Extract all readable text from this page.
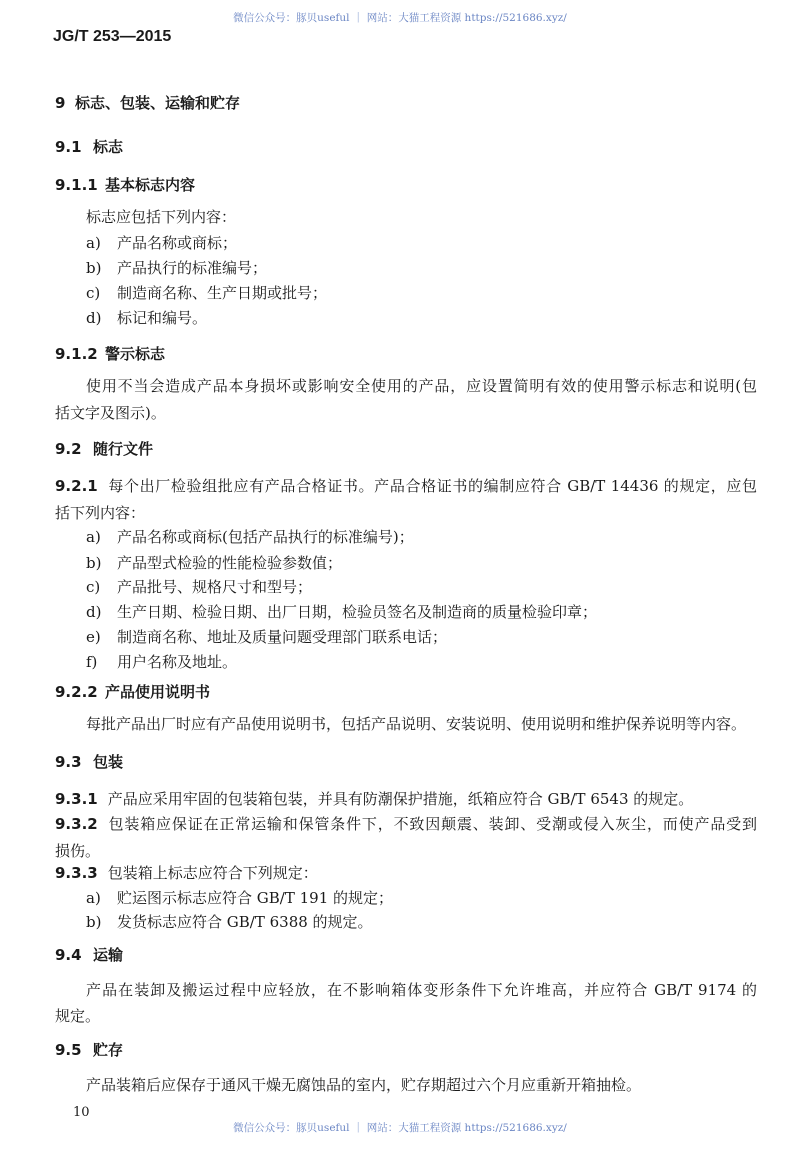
微信公众号：豚贝useful ｜ 网站：大猫工程资源 https://521686.xyz/
JG/T 253—2015
9 标志、包装、运输和贮存
9.1 标志
9.1.1 基本标志内容
标志应包括下列内容：
a) 产品名称或商标；
b) 产品执行的标准编号；
c) 制造商名称、生产日期或批号；
d) 标记和编号。
9.1.2 警示标志
使用不当会造成产品本身损坏或影响安全使用的产品，应设置简明有效的使用警示标志和说明(包
括文字及图示)。
9.2 随行文件
9.2.1 每个出厂检验组批应有产品合格证书。产品合格证书的编制应符合 GB/T 14436 的规定，应包
括下列内容：
a) 产品名称或商标(包括产品执行的标准编号)；
b) 产品型式检验的性能检验参数值；
c) 产品批号、规格尺寸和型号；
d) 生产日期、检验日期、出厂日期，检验员签名及制造商的质量检验印章；
e) 制造商名称、地址及质量问题受理部门联系电话；
f) 用户名称及地址。
9.2.2 产品使用说明书
每批产品出厂时应有产品使用说明书，包括产品说明、安装说明、使用说明和维护保养说明等内容。
9.3 包装
9.3.1 产品应采用牢固的包装箱包装，并具有防潮保护措施，纸箱应符合 GB/T 6543 的规定。
9.3.2 包装箱应保证在正常运输和保管条件下，不致因颠震、装卸、受潮或侵入灰尘，而使产品受到
损伤。
9.3.3 包装箱上标志应符合下列规定：
a) 贮运图示标志应符合 GB/T 191 的规定；
b) 发货标志应符合 GB/T 6388 的规定。
9.4 运输
产品在装卸及搬运过程中应轻放，在不影响箱体变形条件下允许堆高，并应符合 GB/T 9174 的
规定。
9.5 贮存
产品装箱后应保存于通风干燥无腐蚀品的室内，贮存期超过六个月应重新开箱抽检。
10
微信公众号：豚贝useful ｜ 网站：大猫工程资源 https://521686.xyz/
